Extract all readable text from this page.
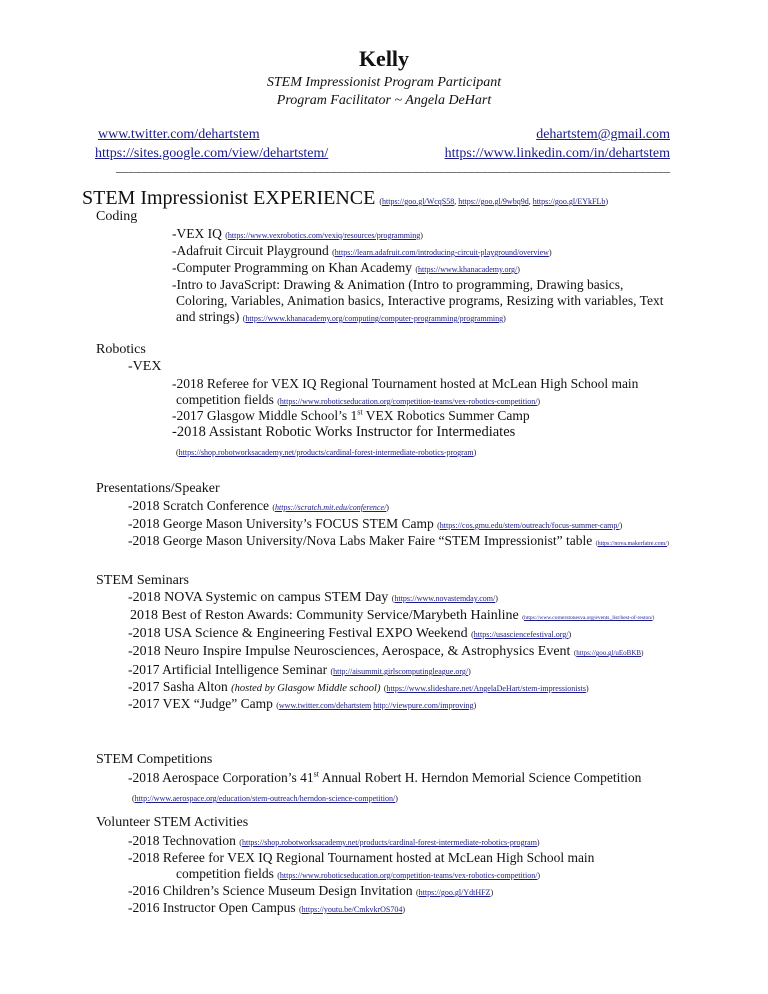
Kelly
STEM Impressionist Program Participant
Program Facilitator ~ Angela DeHart
www.twitter.com/dehartstem	dehartstem@gmail.com
https://sites.google.com/view/dehartstem/	https://www.linkedin.com/in/dehartstem
________________________________________________________________________________________
STEM Impressionist EXPERIENCE (https://goo.gl/WcqS58, https://goo.gl/9wbq9d, https://goo.gl/EYkFLb)
Coding
-VEX IQ (https://www.vexrobotics.com/vexiq/resources/programming)
-Adafruit Circuit Playground (https://learn.adafruit.com/introducing-circuit-playground/overview)
-Computer Programming on Khan Academy (https://www.khanacademy.org/)
-Intro to JavaScript: Drawing & Animation (Intro to programming, Drawing basics,
Coloring, Variables, Animation basics, Interactive programs, Resizing with variables, Text
and strings) (https://www.khanacademy.org/computing/computer-programming/programming)
Robotics
-VEX
-2018 Referee for VEX IQ Regional Tournament hosted at McLean High School main
competition fields (https://www.roboticseducation.org/competition-teams/vex-robotics-competition/)
-2017 Glasgow Middle School’s 1st VEX Robotics Summer Camp
-2018 Assistant Robotic Works Instructor for Intermediates
(https://shop.robotworksacademy.net/products/cardinal-forest-intermediate-robotics-program)
Presentations/Speaker
-2018 Scratch Conference (https://scratch.mit.edu/conference/)
-2018 George Mason University’s FOCUS STEM Camp (https://cos.gmu.edu/stem/outreach/focus-summer-camp/)
-2018 George Mason University/Nova Labs Maker Faire “STEM Impressionist” table (https://nova.makerfaire.com/)
STEM Seminars
-2018 NOVA Systemic on campus STEM Day (https://www.novastemday.com/)
2018 Best of Reston Awards: Community Service/Marybeth Hainline (https://www.cornerstonesva.org/events_list/best-of-reston/)
-2018 USA Science & Engineering Festival EXPO Weekend (https://usasciencefestival.org/)
-2018 Neuro Inspire Impulse Neurosciences, Aerospace, & Astrophysics Event (https://goo.gl/uEoBKB)
-2017 Artificial Intelligence Seminar (http://aisummit.girlscomputingleague.org/)
-2017 Sasha Alton (hosted by Glasgow Middle school) (https://www.slideshare.net/AngelaDeHart/stem-impressionists)
-2017 VEX “Judge” Camp (www.twitter.com/dehartstem http://viewpure.com/improving)
STEM Competitions
-2018 Aerospace Corporation’s 41st Annual Robert H. Herndon Memorial Science Competition
(http://www.aerospace.org/education/stem-outreach/herndon-science-competition/)
Volunteer STEM Activities
-2018 Technovation (https://shop.robotworksacademy.net/products/cardinal-forest-intermediate-robotics-program)
-2018 Referee for VEX IQ Regional Tournament hosted at McLean High School main
competition fields (https://www.roboticseducation.org/competition-teams/vex-robotics-competition/)
-2016 Children’s Science Museum Design Invitation (https://goo.gl/YdtHFZ)
-2016 Instructor Open Campus (https://youtu.be/CmkvkrOS704)
